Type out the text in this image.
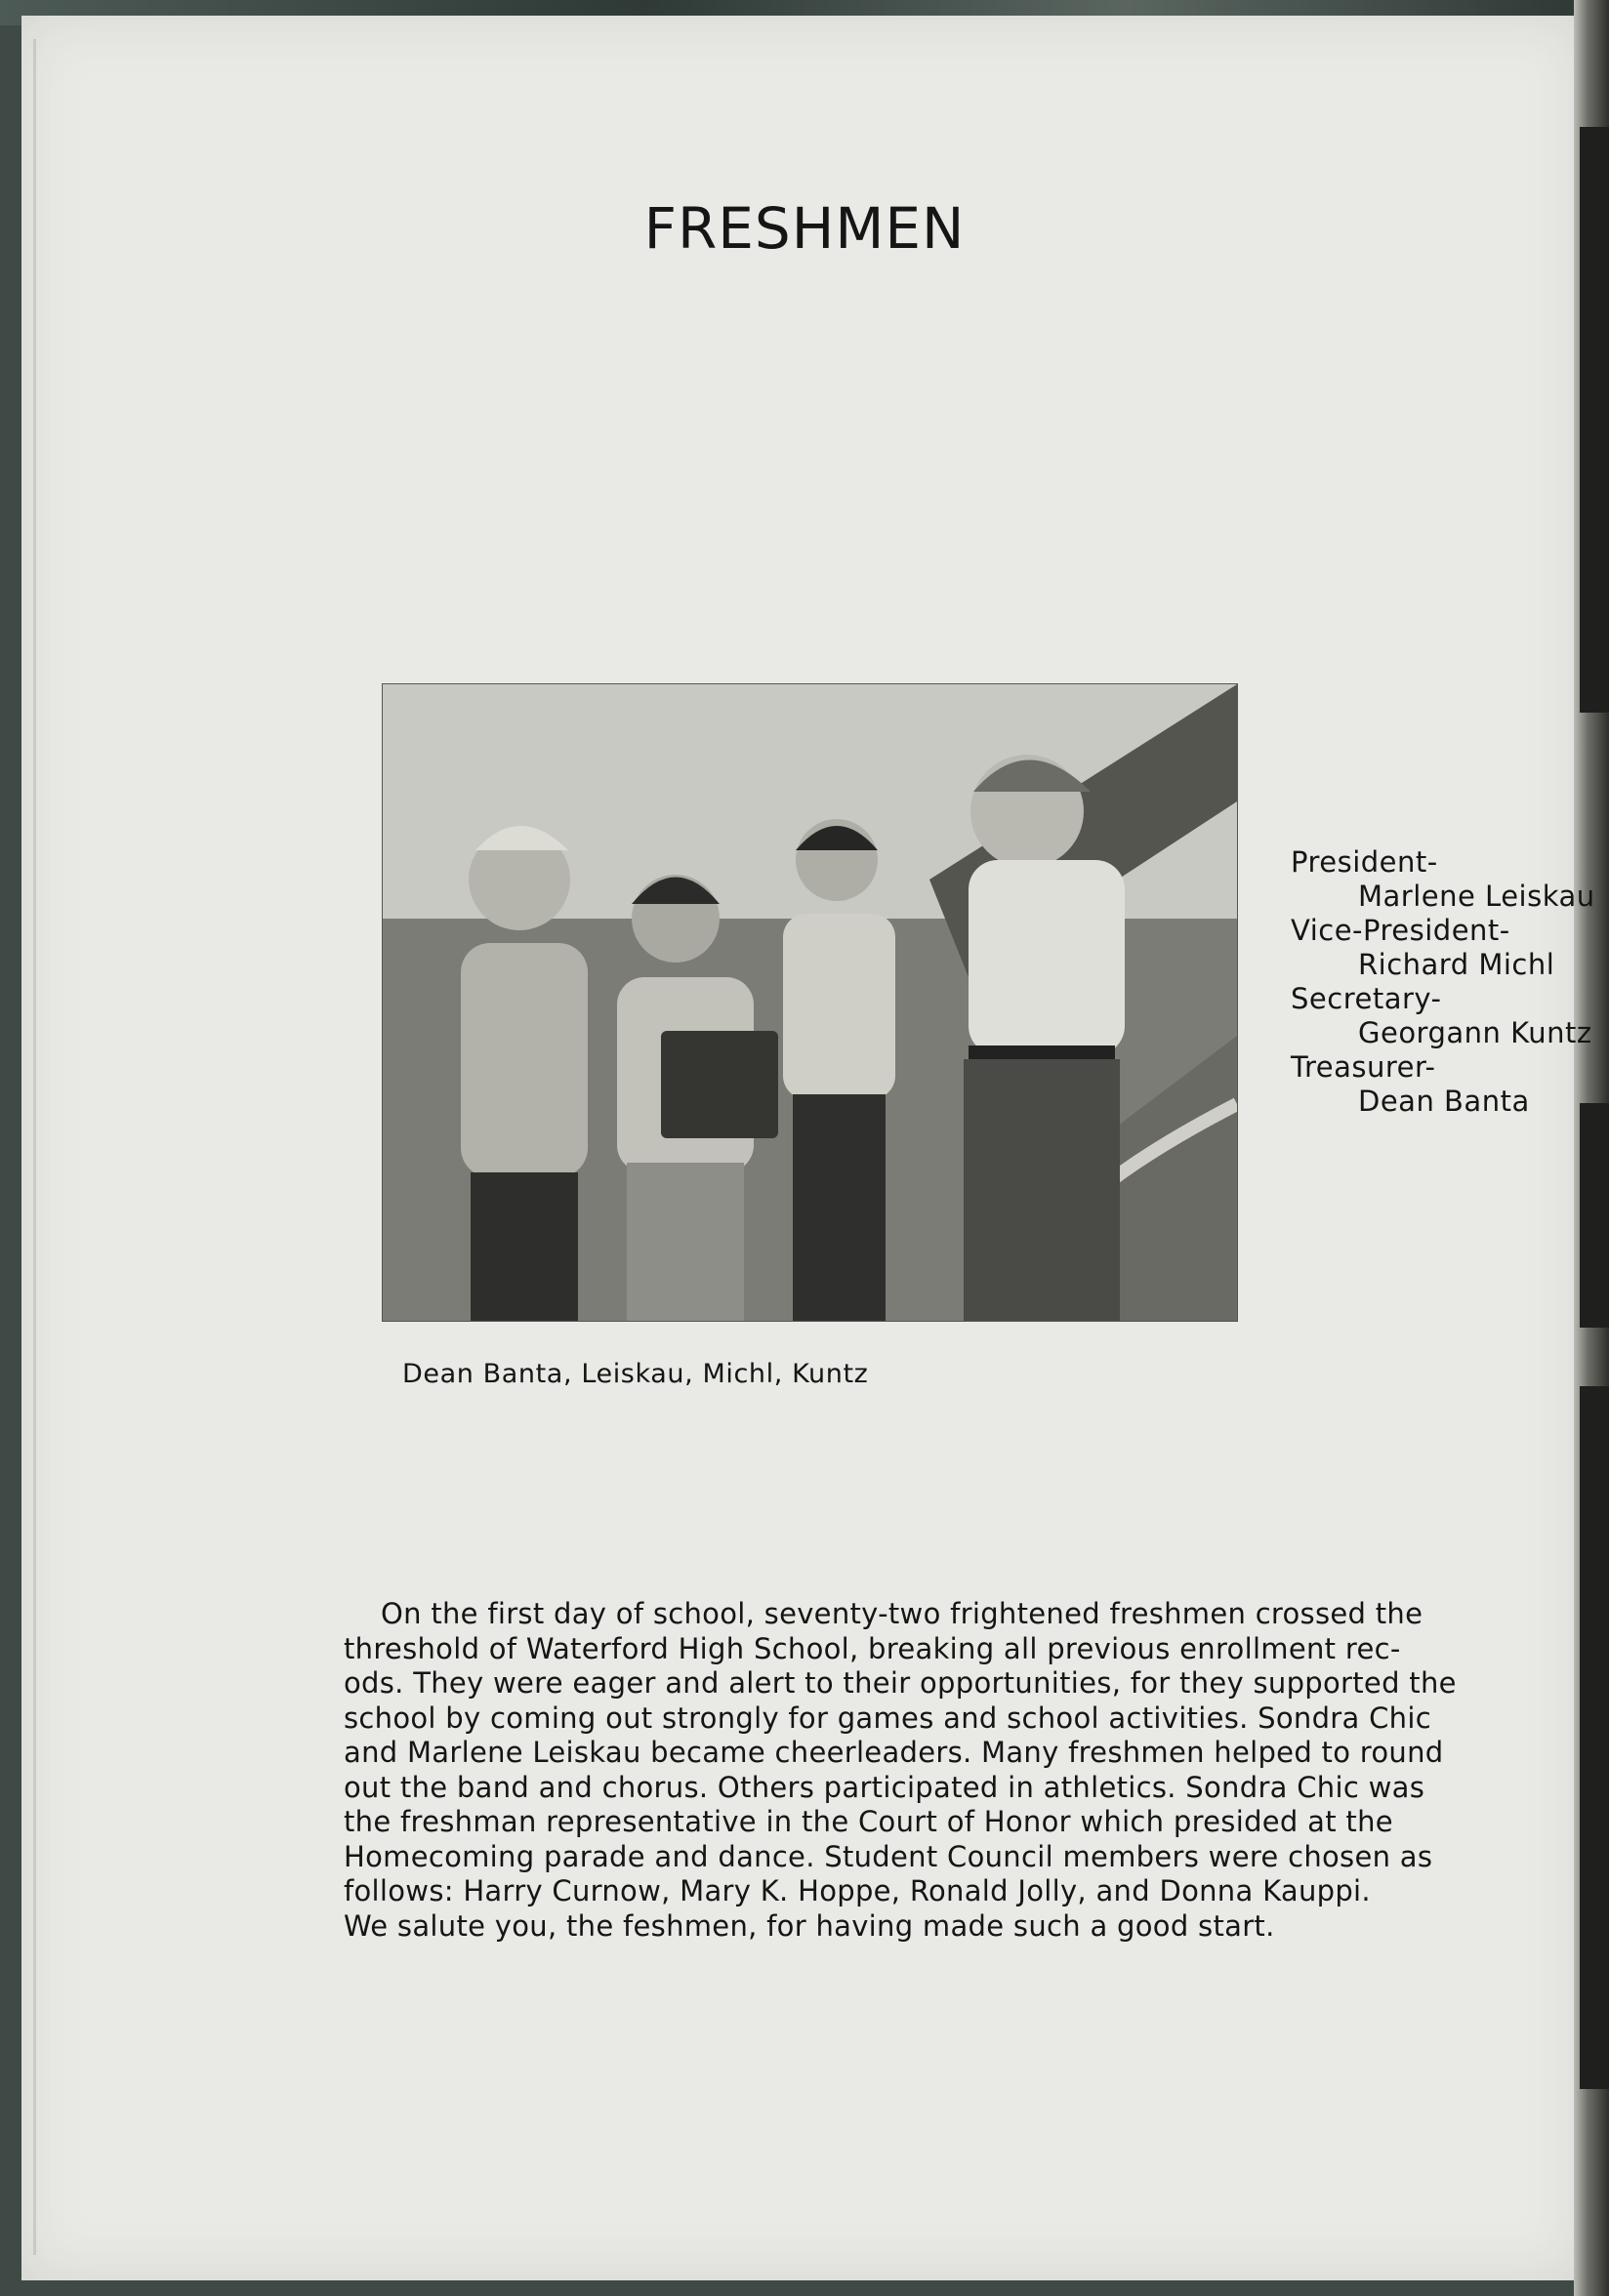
FRESHMEN
Dean Banta, Leiskau, Michl, Kuntz
President-
Marlene Leiskau
Vice-President-
Richard Michl
Secretary-
Georgann Kuntz
Treasurer-
Dean Banta
On the first day of school, seventy-two frightened freshmen crossed the
threshold of Waterford High School, breaking all previous enrollment rec-
ods. They were eager and alert to their opportunities, for they supported the
school by coming out strongly for games and school activities. Sondra Chic
and Marlene Leiskau became cheerleaders. Many freshmen helped to round
out the band and chorus. Others participated in athletics. Sondra Chic was
the freshman representative in the Court of Honor which presided at the
Homecoming parade and dance. Student Council members were chosen as
follows: Harry Curnow, Mary K. Hoppe, Ronald Jolly, and Donna Kauppi.
We salute you, the feshmen, for having made such a good start.
